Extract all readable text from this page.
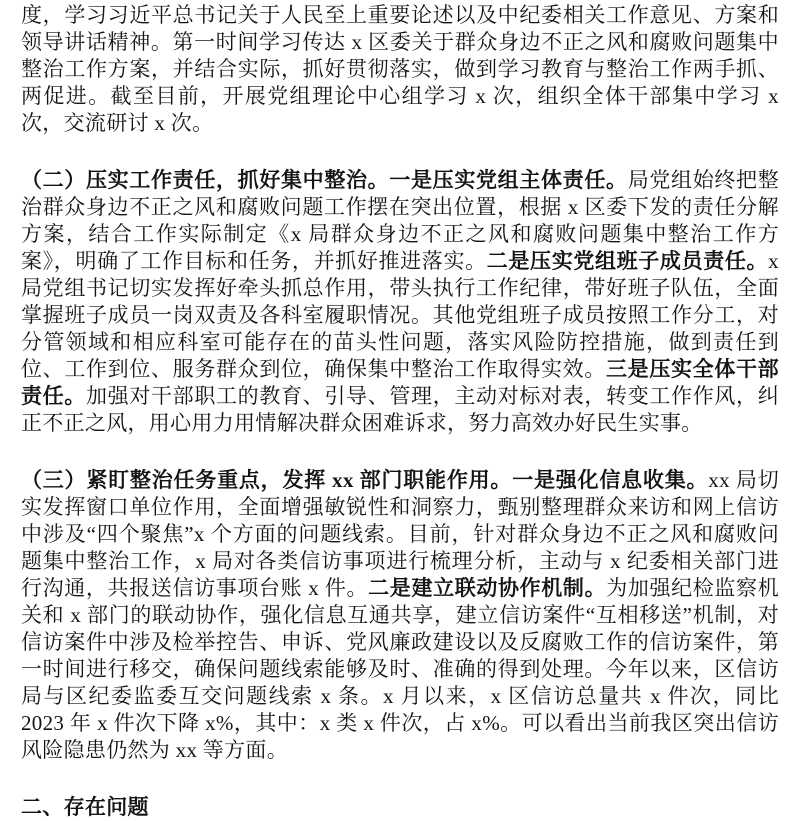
度，学习习近平总书记关于人民至上重要论述以及中纪委相关工作意见、方案和领导讲话精神。第一时间学习传达 x 区委关于群众身边不正之风和腐败问题集中整治工作方案，并结合实际，抓好贯彻落实，做到学习教育与整治工作两手抓、两促进。截至目前，开展党组理论中心组学习 x 次，组织全体干部集中学习 x 次，交流研讨 x 次。

（二）压实工作责任，抓好集中整治。一是压实党组主体责任。局党组始终把整治群众身边不正之风和腐败问题工作摆在突出位置，根据 x 区委下发的责任分解方案，结合工作实际制定《x 局群众身边不正之风和腐败问题集中整治工作方案》，明确了工作目标和任务，并抓好推进落实。二是压实党组班子成员责任。x 局党组书记切实发挥好牵头抓总作用，带头执行工作纪律，带好班子队伍，全面掌握班子成员一岗双责及各科室履职情况。其他党组班子成员按照工作分工，对分管领域和相应科室可能存在的苗头性问题，落实风险防控措施，做到责任到位、工作到位、服务群众到位，确保集中整治工作取得实效。三是压实全体干部责任。加强对干部职工的教育、引导、管理，主动对标对表，转变工作作风，纠正不正之风，用心用力用情解决群众困难诉求，努力高效办好民生实事。

（三）紧盯整治任务重点，发挥 xx 部门职能作用。一是强化信息收集。xx 局切实发挥窗口单位作用，全面增强敏锐性和洞察力，甄别整理群众来访和网上信访中涉及“四个聚焦”x 个方面的问题线索。目前，针对群众身边不正之风和腐败问题集中整治工作，x 局对各类信访事项进行梳理分析，主动与 x 纪委相关部门进行沟通，共报送信访事项台账 x 件。二是建立联动协作机制。为加强纪检监察机关和 x 部门的联动协作，强化信息互通共享，建立信访案件“互相移送”机制，对信访案件中涉及检举控告、申诉、党风廉政建设以及反腐败工作的信访案件，第一时间进行移交，确保问题线索能够及时、准确的得到处理。今年以来，区信访局与区纪委监委互交问题线索 x 条。x 月以来，x 区信访总量共 x 件次，同比 2023 年 x 件次下降 x%，其中：x 类 x 件次，占 x%。可以看出当前我区突出信访风险隐患仍然为 xx 等方面。

二、存在问题
